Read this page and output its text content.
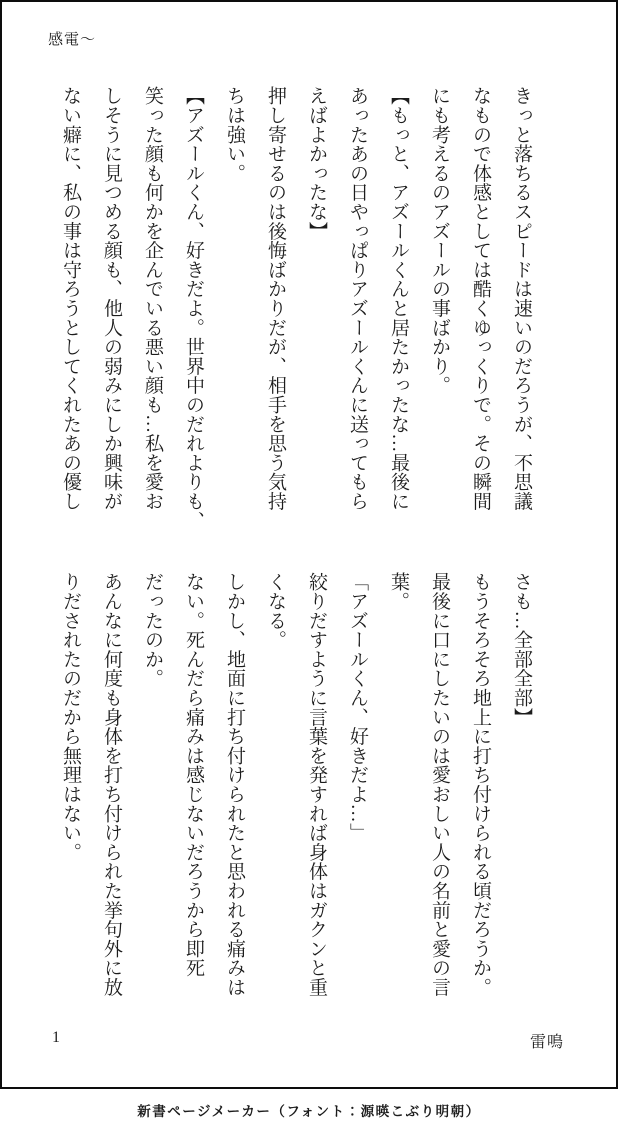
感電〜
きっと落ちるスピードは速いのだろうが、不思議
なもので体感としては酷くゆっくりで。その瞬間
にも考えるのアズールの事ばかり。
【もっと、アズールくんと居たかったな…最後に
あったあの日やっぱりアズールくんに送ってもら
えばよかったな】
押し寄せるのは後悔ばかりだが、相手を思う気持
ちは強い。
【アズールくん、好きだよ。世界中のだれよりも、
笑った顔も何かを企んでいる悪い顔も…私を愛お
しそうに見つめる顔も、他人の弱みにしか興味が
ない癖に、私の事は守ろうとしてくれたあの優し
さも…全部全部】
もうそろそろ地上に打ち付けられる頃だろうか。
最後に口にしたいのは愛おしい人の名前と愛の言
葉。
「アズールくん、好きだよ…」
絞りだすように言葉を発すれば身体はガクンと重
くなる。
しかし、地面に打ち付けられたと思われる痛みは
ない。死んだら痛みは感じないだろうから即死
だったのか。
あんなに何度も身体を打ち付けられた挙句外に放
りだされたのだから無理はない。
1	雷鳴
新書ページメーカー（フォント：源暎こぶり明朝）
